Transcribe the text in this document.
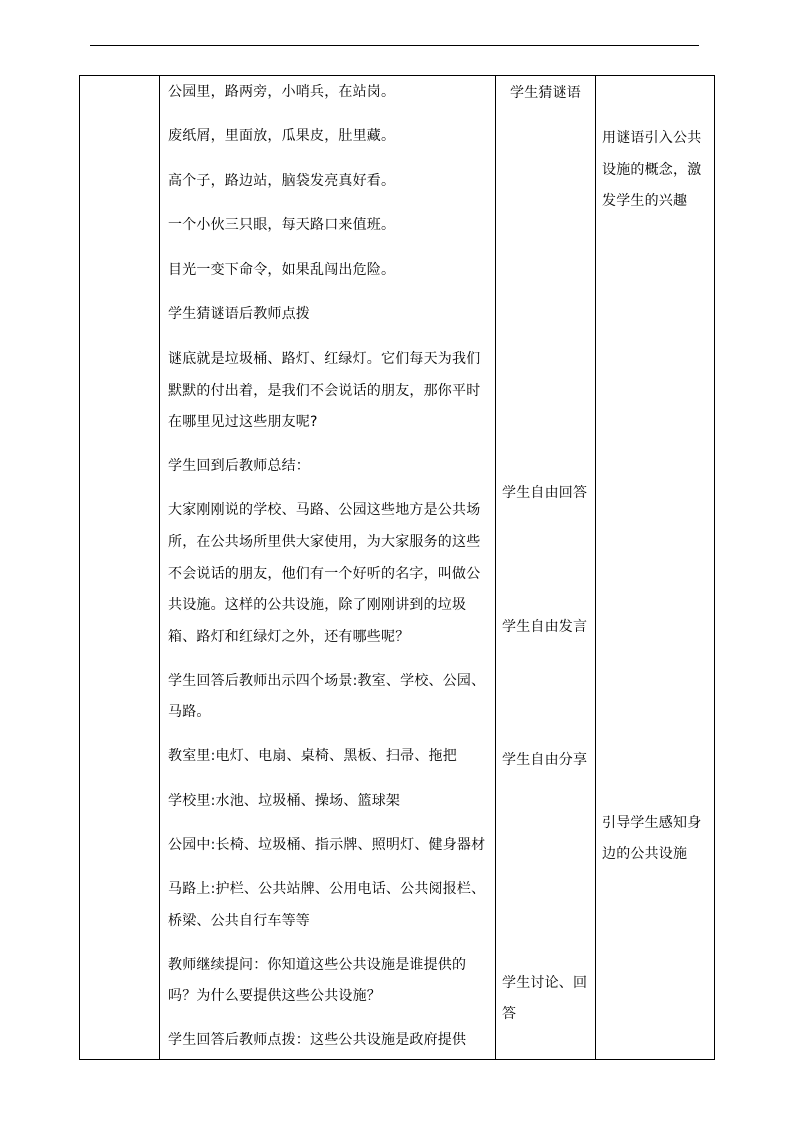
公园里，路两旁，小哨兵，在站岗。
废纸屑，里面放，瓜果皮，肚里藏。
高个子，路边站，脑袋发亮真好看。
一个小伙三只眼，每天路口来值班。
目光一变下命令，如果乱闯出危险。
学生猜谜语后教师点拨
谜底就是垃圾桶、路灯、红绿灯。它们每天为我们
默默的付出着，是我们不会说话的朋友，那你平时
在哪里见过这些朋友呢?
学生回到后教师总结：
大家刚刚说的学校、马路、公园这些地方是公共场
所，在公共场所里供大家使用，为大家服务的这些
不会说话的朋友，他们有一个好听的名字，叫做公
共设施。这样的公共设施，除了刚刚讲到的垃圾
箱、路灯和红绿灯之外，还有哪些呢？
学生回答后教师出示四个场景:教室、学校、公园、
马路。
教室里:电灯、电扇、桌椅、黑板、扫帚、拖把
学校里:水池、垃圾桶、操场、篮球架
公园中:长椅、垃圾桶、指示牌、照明灯、健身器材
马路上:护栏、公共站牌、公用电话、公共阅报栏、
桥梁、公共自行车等等
教师继续提问：你知道这些公共设施是谁提供的
吗？为什么要提供这些公共设施？
学生回答后教师点拨：这些公共设施是政府提供
学生猜谜语
学生自由回答
学生自由发言
学生自由分享
学生讨论、回
答
用谜语引入公共
设施的概念，激
发学生的兴趣
引导学生感知身
边的公共设施
